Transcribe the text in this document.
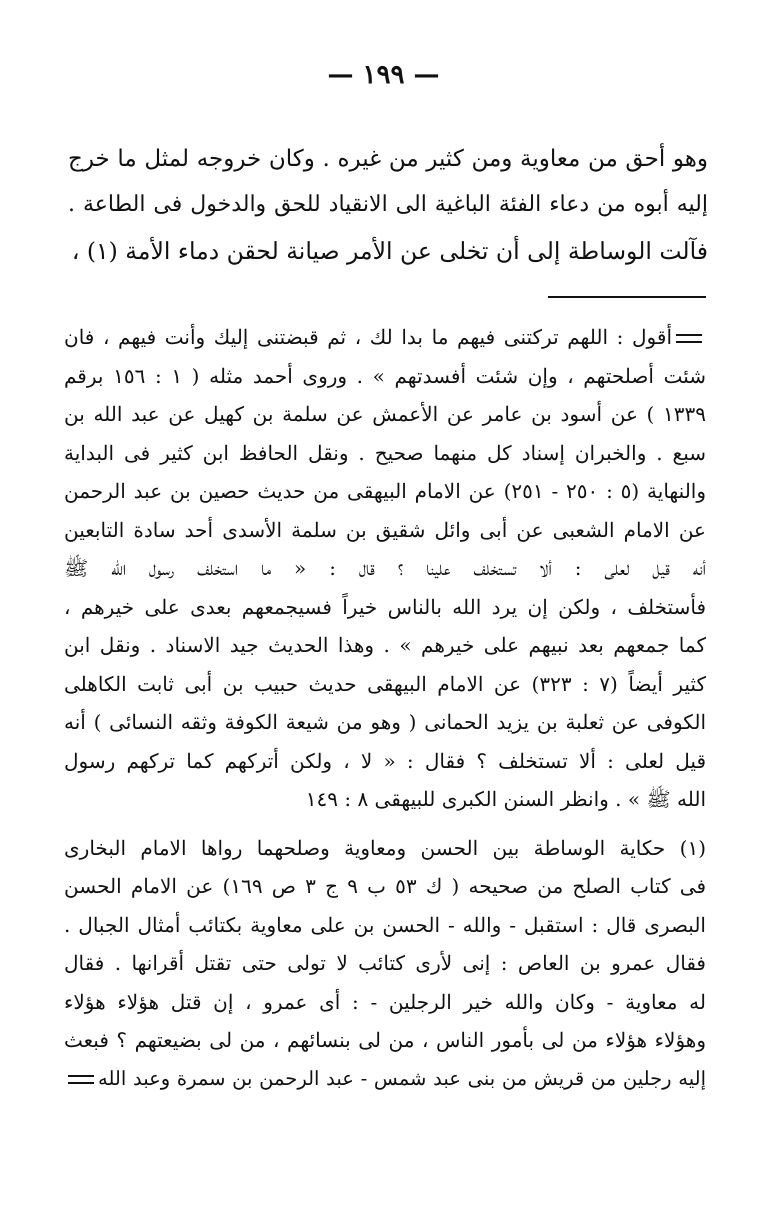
— ١٩٩ —
وهو أحق من معاوية ومن كثير من غيره . وكان خروجه لمثل ما خرج
إليه أبوه من دعاء الفئة الباغية الى الانقياد للحق والدخول فى الطاعة .
فآلت الوساطة إلى أن تخلى عن الأمر صيانة لحقن دماء الأمة (١) ،
أقول : اللهم تركتنى فيهم ما بدا لك ، ثم قبضتنى إليك وأنت فيهم ، فان
شئت أصلحتهم ، وإن شئت أفسدتهم » . وروى أحمد مثله ( ١ : ١٥٦ برقم
١٣٣٩ ) عن أسود بن عامر عن الأعمش عن سلمة بن كهيل عن عبد الله بن
سبع . والخبران إسناد كل منهما صحيح . ونقل الحافظ ابن كثير فى البداية
والنهاية (٥ : ٢٥٠ - ٢٥١) عن الامام البيهقى من حديث حصين بن عبد الرحمن
عن الامام الشعبى عن أبى وائل شقيق بن سلمة الأسدى أحد سادة التابعين
أنه قيل لعلى : ألا تستخلف علينا ؟ قال : « ما استخلف رسول الله ﷺ
فأستخلف ، ولكن إن يرد الله بالناس خيراً فسيجمعهم بعدى على خيرهم ،
كما جمعهم بعد نبيهم على خيرهم » . وهذا الحديث جيد الاسناد . ونقل ابن
كثير أيضاً (٧ : ٣٢٣) عن الامام البيهقى حديث حبيب بن أبى ثابت الكاهلى
الكوفى عن ثعلبة بن يزيد الحمانى ( وهو من شيعة الكوفة وثقه النسائى ) أنه
قيل لعلى : ألا تستخلف ؟ فقال : « لا ، ولكن أتركهم كما تركهم رسول
الله ﷺ » . وانظر السنن الكبرى للبيهقى ٨ : ١٤٩
(١) حكاية الوساطة بين الحسن ومعاوية وصلحهما رواها الامام البخارى
فى كتاب الصلح من صحيحه ( ك ٥٣ ب ٩ ج ٣ ص ١٦٩) عن الامام الحسن
البصرى قال : استقبل - والله - الحسن بن على معاوية بكتائب أمثال الجبال .
فقال عمرو بن العاص : إنى لأرى كتائب لا تولى حتى تقتل أقرانها . فقال
له معاوية - وكان والله خير الرجلين - : أى عمرو ، إن قتل هؤلاء هؤلاء
وهؤلاء هؤلاء من لى بأمور الناس ، من لى بنسائهم ، من لى بضيعتهم ؟ فبعث
إليه رجلين من قريش من بنى عبد شمس - عبد الرحمن بن سمرة وعبد الله
